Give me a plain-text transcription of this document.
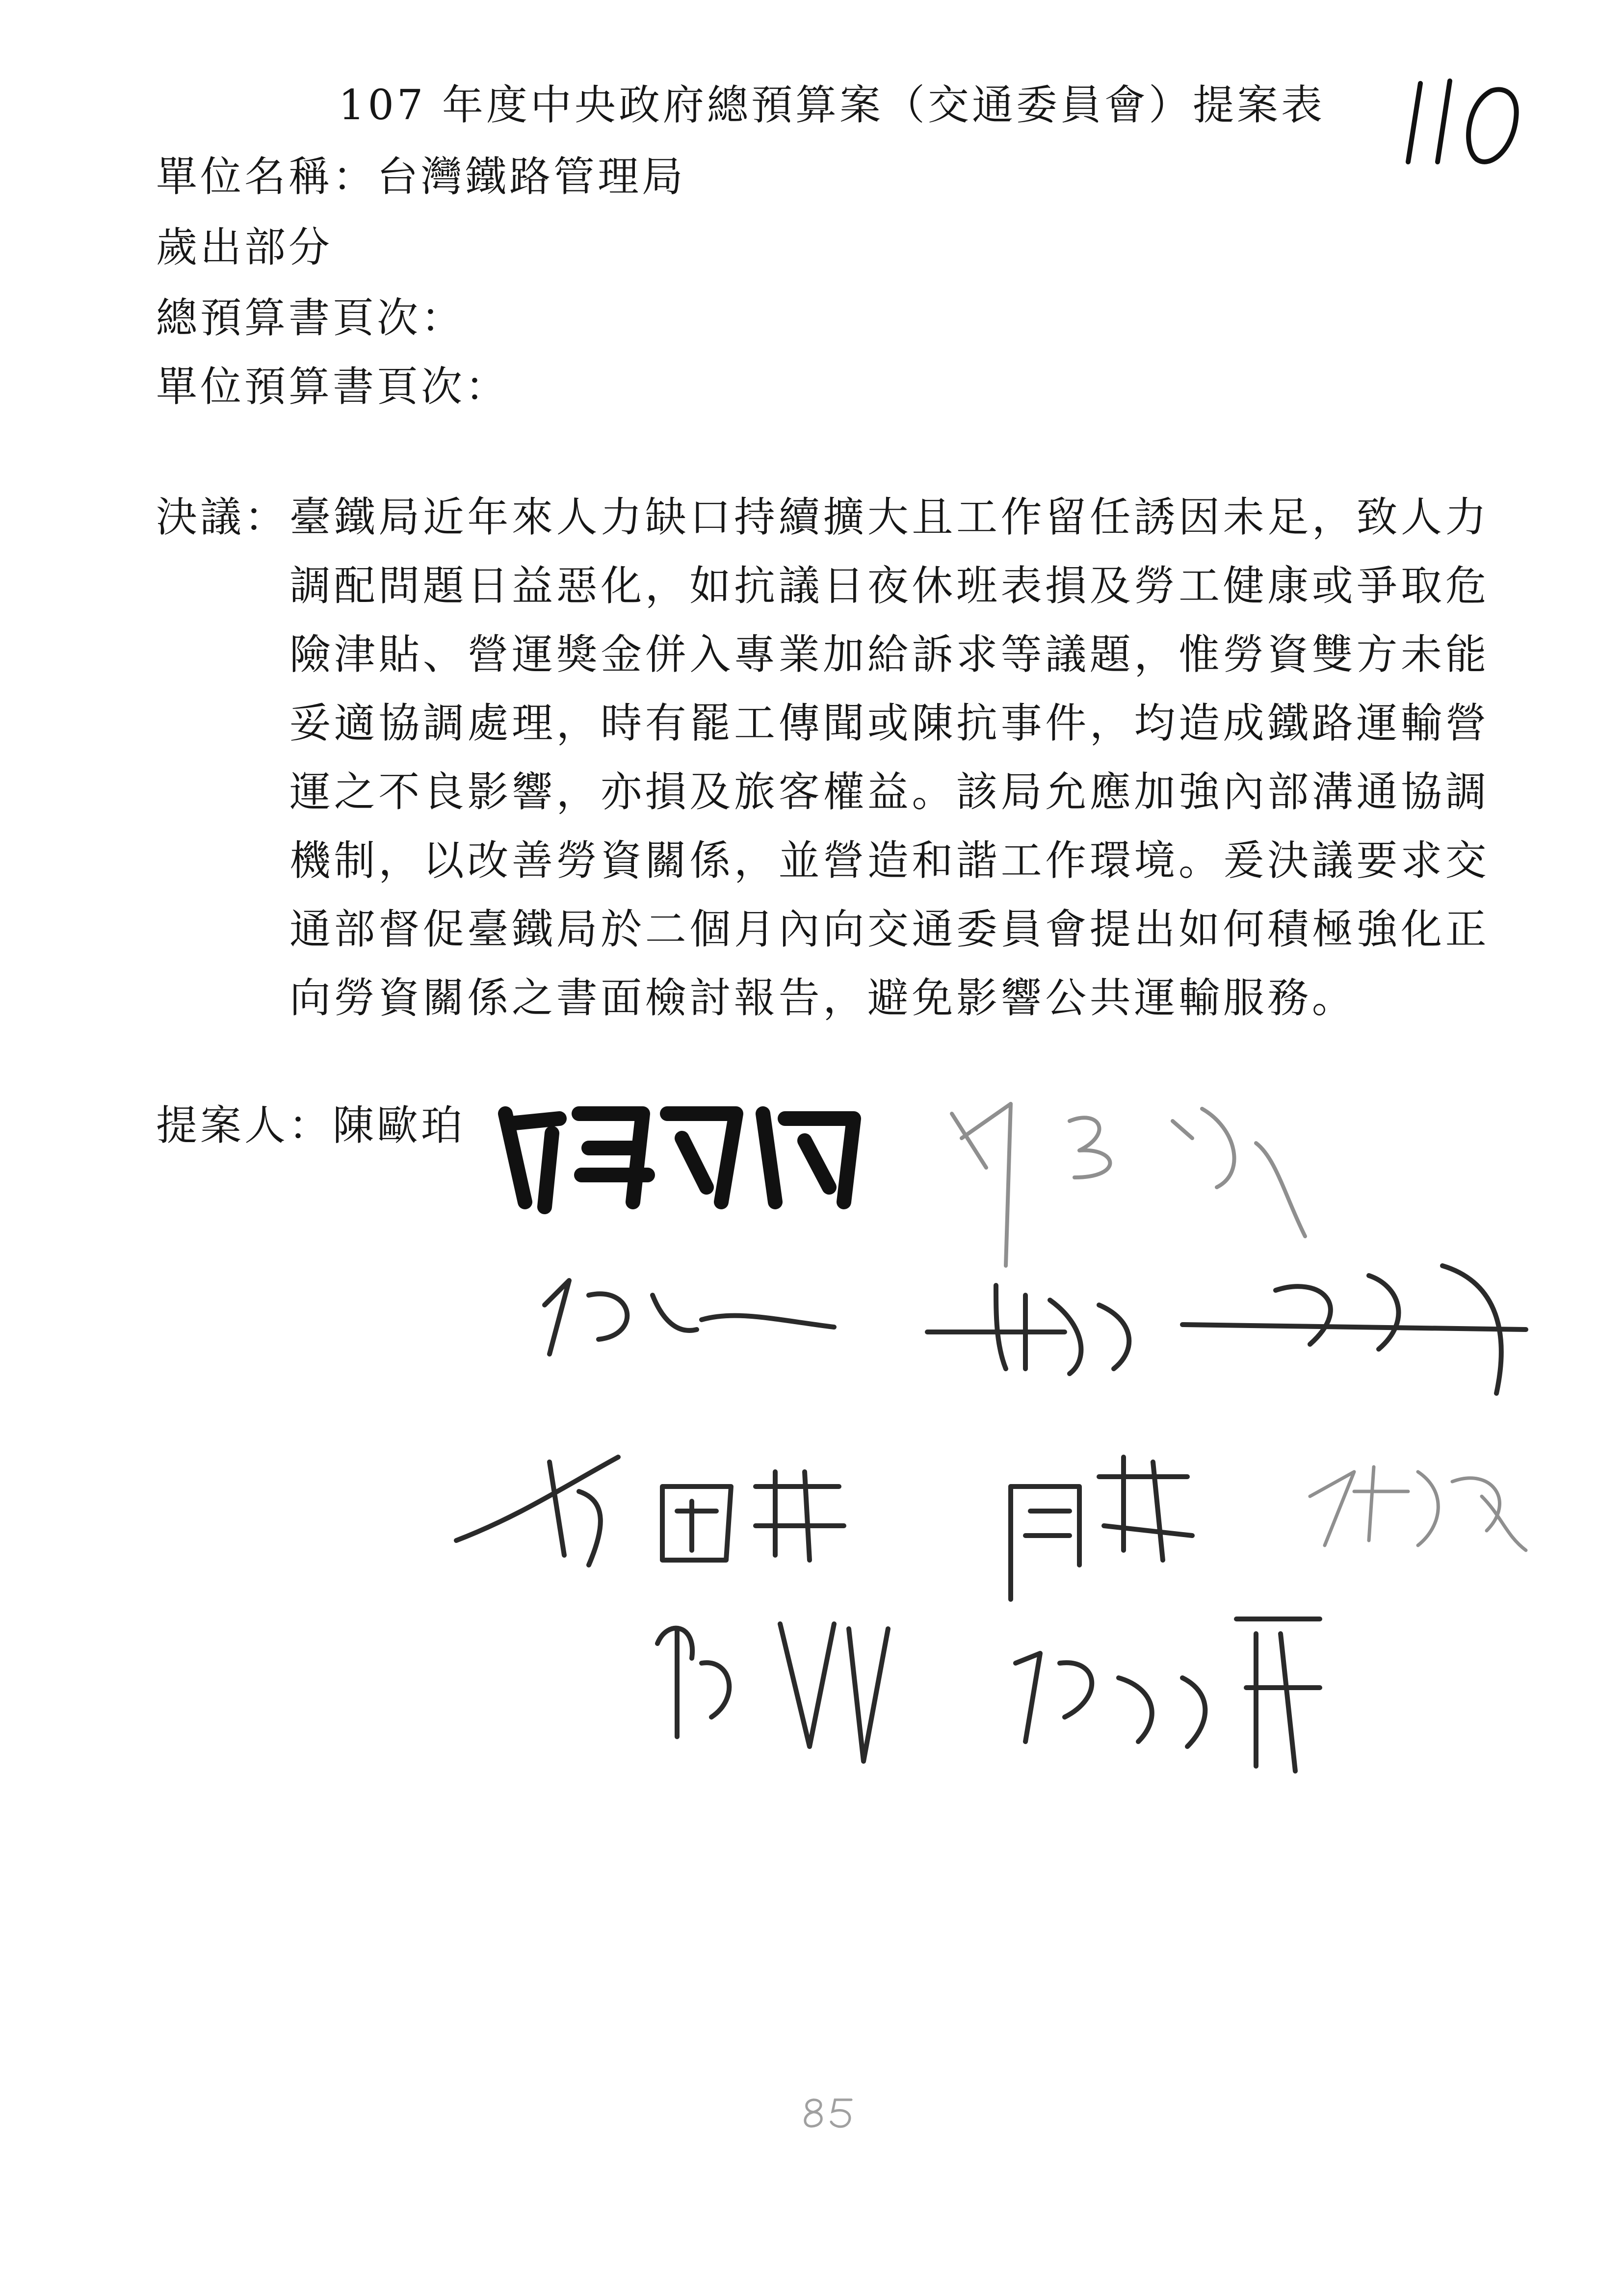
107 年度中央政府總預算案（交通委員會）提案表
單位名稱：台灣鐵路管理局
歲出部分
總預算書頁次：
單位預算書頁次：
決議： 臺鐵局近年來人力缺口持續擴大且工作留任誘因未足，致人力
調配問題日益惡化，如抗議日夜休班表損及勞工健康或爭取危
險津貼、營運獎金併入專業加給訴求等議題，惟勞資雙方未能
妥適協調處理，時有罷工傳聞或陳抗事件，均造成鐵路運輸營
運之不良影響，亦損及旅客權益。該局允應加強內部溝通協調
機制，以改善勞資關係，並營造和諧工作環境。爰決議要求交
通部督促臺鐵局於二個月內向交通委員會提出如何積極強化正
向勞資關係之書面檢討報告，避免影響公共運輸服務。
提案人：陳歐珀
